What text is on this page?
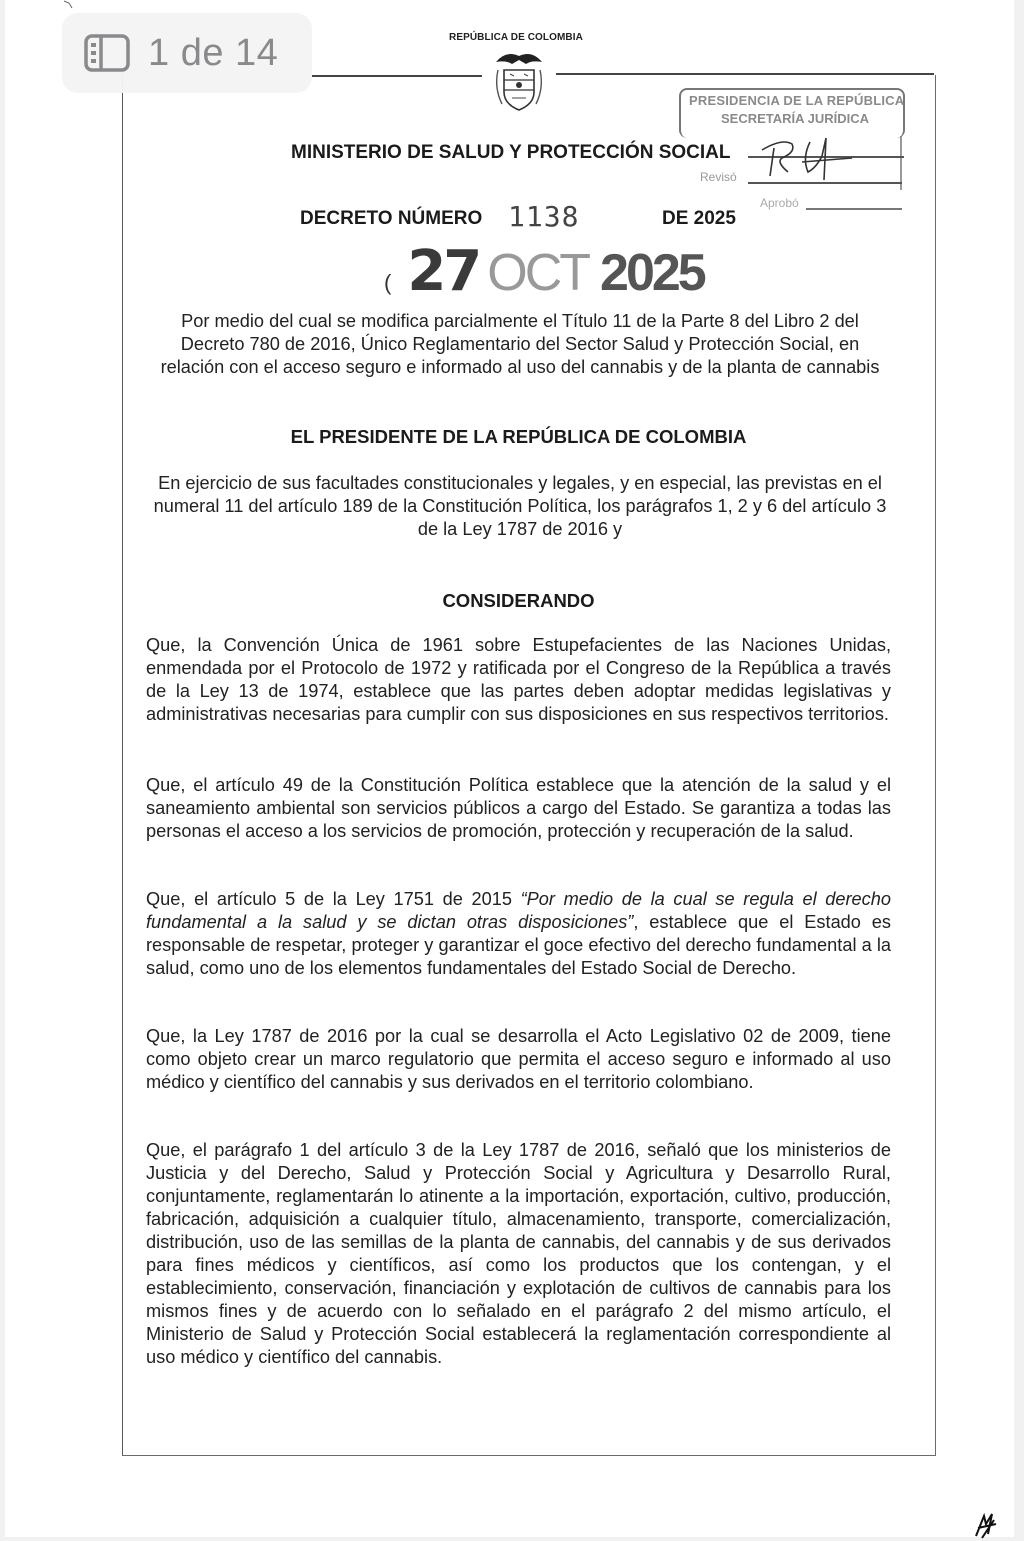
1 de 14	REPÚBLICA DE COLOMBIA
MINISTERIO DE SALUD Y PROTECCIÓN SOCIAL
PRESIDENCIA DE LA REPÚBLICA
SECRETARÍA JURÍDICA
Revisó
Aprobó
DECRETO NÚMERO 1138	DE 2025
( 27 OCT 2025
Por medio del cual se modifica parcialmente el Título 11 de la Parte 8 del Libro 2 del Decreto 780 de 2016, Único Reglamentario del Sector Salud y Protección Social, en relación con el acceso seguro e informado al uso del cannabis y de la planta de cannabis
EL PRESIDENTE DE LA REPÚBLICA DE COLOMBIA
En ejercicio de sus facultades constitucionales y legales, y en especial, las previstas en el numeral 11 del artículo 189 de la Constitución Política, los parágrafos 1, 2 y 6 del artículo 3 de la Ley 1787 de 2016 y
CONSIDERANDO

Que, la Convención Única de 1961 sobre Estupefacientes de las Naciones Unidas, enmendada por el Protocolo de 1972 y ratificada por el Congreso de la República a través de la Ley 13 de 1974, establece que las partes deben adoptar medidas legislativas y administrativas necesarias para cumplir con sus disposiciones en sus respectivos territorios.

Que, el artículo 49 de la Constitución Política establece que la atención de la salud y el saneamiento ambiental son servicios públicos a cargo del Estado. Se garantiza a todas las personas el acceso a los servicios de promoción, protección y recuperación de la salud.

Que, el artículo 5 de la Ley 1751 de 2015 “Por medio de la cual se regula el derecho fundamental a la salud y se dictan otras disposiciones”, establece que el Estado es responsable de respetar, proteger y garantizar el goce efectivo del derecho fundamental a la salud, como uno de los elementos fundamentales del Estado Social de Derecho.

Que, la Ley 1787 de 2016 por la cual se desarrolla el Acto Legislativo 02 de 2009, tiene como objeto crear un marco regulatorio que permita el acceso seguro e informado al uso médico y científico del cannabis y sus derivados en el territorio colombiano.

Que, el parágrafo 1 del artículo 3 de la Ley 1787 de 2016, señaló que los ministerios de Justicia y del Derecho, Salud y Protección Social y Agricultura y Desarrollo Rural, conjuntamente, reglamentarán lo atinente a la importación, exportación, cultivo, producción, fabricación, adquisición a cualquier título, almacenamiento, transporte, comercialización, distribución, uso de las semillas de la planta de cannabis, del cannabis y de sus derivados para fines médicos y científicos, así como los productos que los contengan, y el establecimiento, conservación, financiación y explotación de cultivos de cannabis para los mismos fines y de acuerdo con lo señalado en el parágrafo 2 del mismo artículo, el Ministerio de Salud y Protección Social establecerá la reglamentación correspondiente al uso médico y científico del cannabis.
